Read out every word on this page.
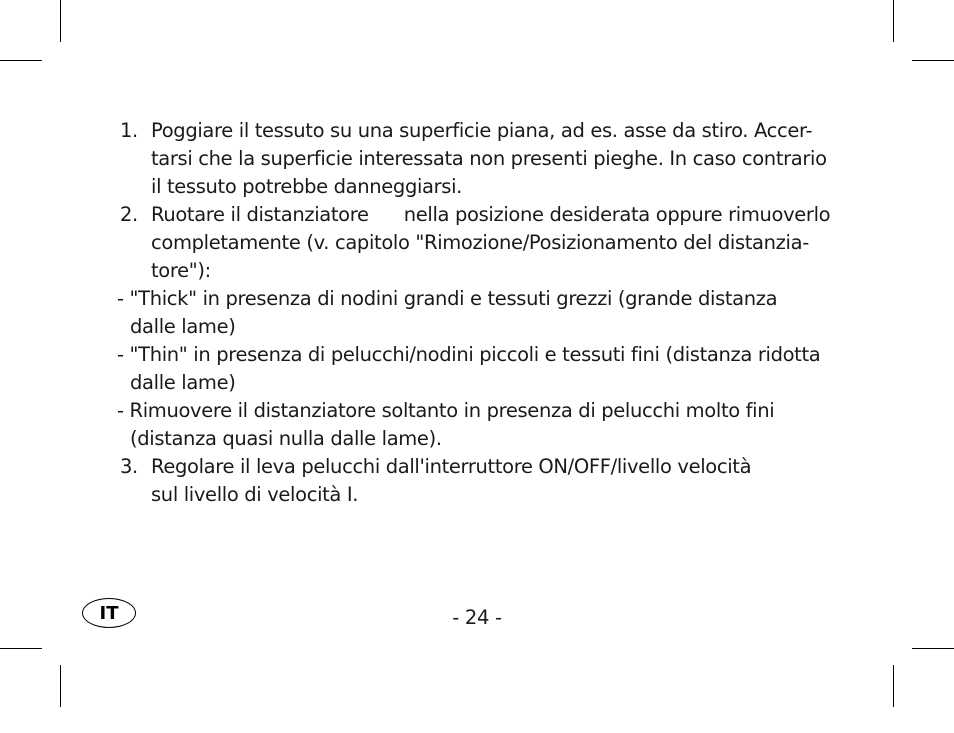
1. Poggiare il tessuto su una superficie piana, ad es. asse da stiro. Accer-
tarsi che la superficie interessata non presenti pieghe. In caso contrario
il tessuto potrebbe danneggiarsi.
2. Ruotare il distanziatore      nella posizione desiderata oppure rimuoverlo
completamente (v. capitolo "Rimozione/Posizionamento del distanzia-
tore"):
- "Thick" in presenza di nodini grandi e tessuti grezzi (grande distanza
dalle lame)
- "Thin" in presenza di pelucchi/nodini piccoli e tessuti fini (distanza ridotta
dalle lame)
- Rimuovere il distanziatore soltanto in presenza di pelucchi molto fini
(distanza quasi nulla dalle lame).
3. Regolare il leva pelucchi dall'interruttore ON/OFF/livello velocità
sul livello di velocità I.
IT	- 24 -
